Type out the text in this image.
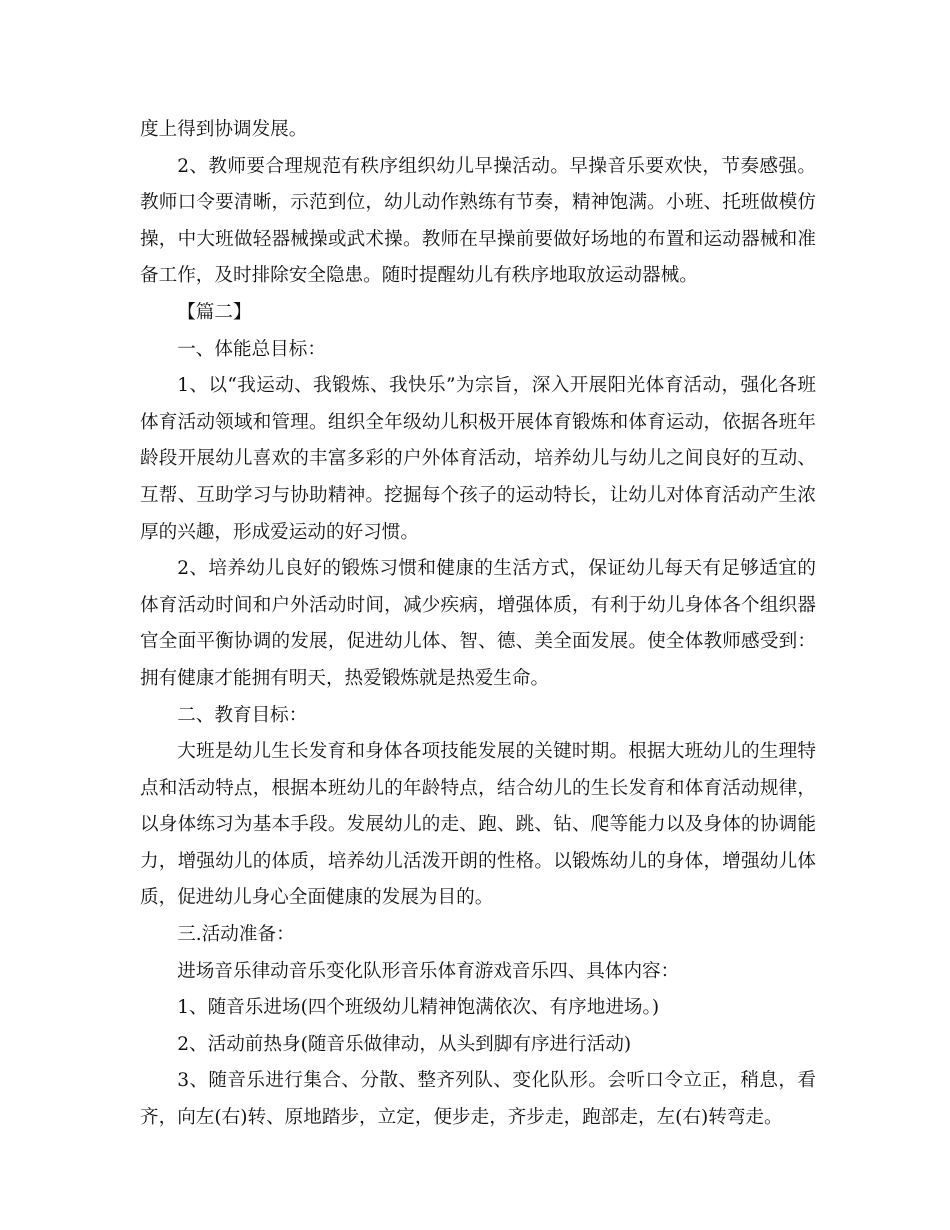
度上得到协调发展。

2、教师要合理规范有秩序组织幼儿早操活动。早操音乐要欢快，节奏感强。教师口令要清晰，示范到位，幼儿动作熟练有节奏，精神饱满。小班、托班做模仿操，中大班做轻器械操或武术操。教师在早操前要做好场地的布置和运动器械和准备工作，及时排除安全隐患。随时提醒幼儿有秩序地取放运动器械。

【篇二】

一、体能总目标：

1、以“我运动、我锻炼、我快乐”为宗旨，深入开展阳光体育活动，强化各班体育活动领域和管理。组织全年级幼儿积极开展体育锻炼和体育运动，依据各班年龄段开展幼儿喜欢的丰富多彩的户外体育活动，培养幼儿与幼儿之间良好的互动、互帮、互助学习与协助精神。挖掘每个孩子的运动特长，让幼儿对体育活动产生浓厚的兴趣，形成爱运动的好习惯。

2、培养幼儿良好的锻炼习惯和健康的生活方式，保证幼儿每天有足够适宜的体育活动时间和户外活动时间，减少疾病，增强体质，有利于幼儿身体各个组织器官全面平衡协调的发展，促进幼儿体、智、德、美全面发展。使全体教师感受到：拥有健康才能拥有明天，热爱锻炼就是热爱生命。

二、教育目标：

大班是幼儿生长发育和身体各项技能发展的关键时期。根据大班幼儿的生理特点和活动特点，根据本班幼儿的年龄特点，结合幼儿的生长发育和体育活动规律，以身体练习为基本手段。发展幼儿的走、跑、跳、钻、爬等能力以及身体的协调能力，增强幼儿的体质，培养幼儿活泼开朗的性格。以锻炼幼儿的身体，增强幼儿体质，促进幼儿身心全面健康的发展为目的。

三.活动准备：

进场音乐律动音乐变化队形音乐体育游戏音乐四、具体内容：

1、随音乐进场(四个班级幼儿精神饱满依次、有序地进场。)

2、活动前热身(随音乐做律动，从头到脚有序进行活动)

3、随音乐进行集合、分散、整齐列队、变化队形。会听口令立正，稍息，看齐，向左(右)转、原地踏步，立定，便步走，齐步走，跑部走，左(右)转弯走。
